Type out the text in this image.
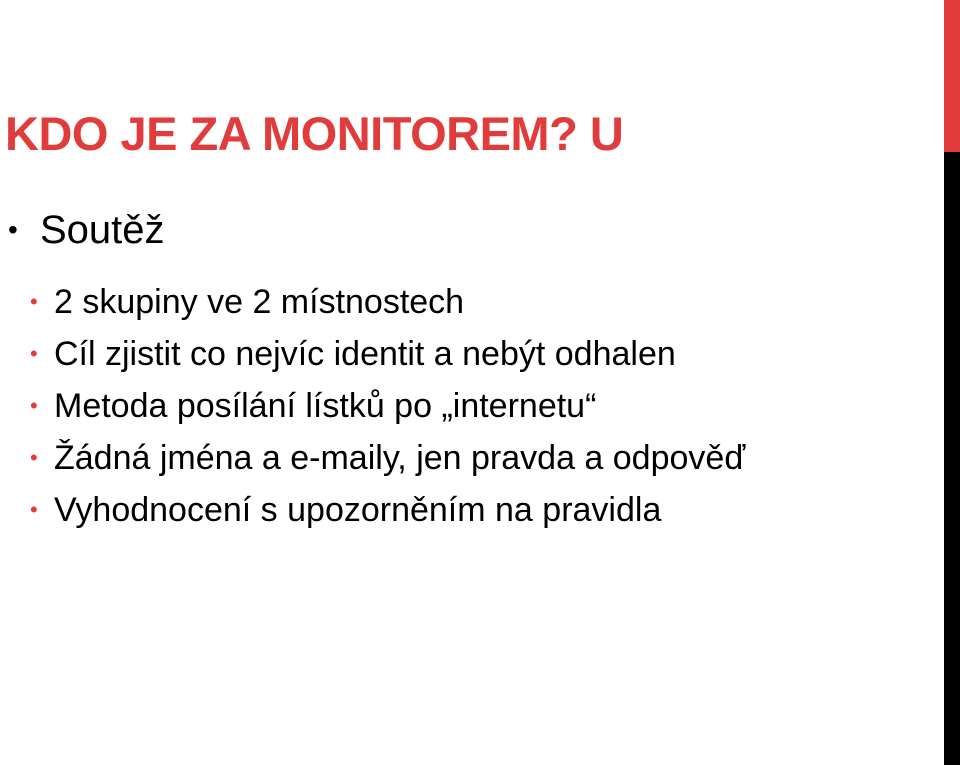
KDO JE ZA MONITOREM? U
• Soutěž
• 2 skupiny ve 2 místnostech
• Cíl zjistit co nejvíc identit a nebýt odhalen
• Metoda posílání lístků po „internetu“
• Žádná jména a e-maily, jen pravda a odpověď
• Vyhodnocení s upozorněním na pravidla
